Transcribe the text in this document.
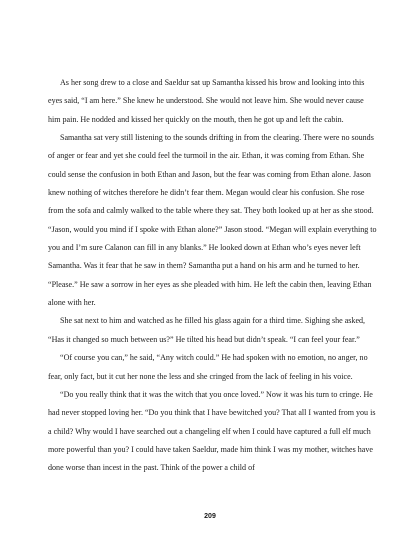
As her song drew to a close and Saeldur sat up Samantha kissed his brow and looking into this eyes said, “I am here.” She knew he understood. She would not leave him. She would never cause him pain. He nodded and kissed her quickly on the mouth, then he got up and left the cabin.

Samantha sat very still listening to the sounds drifting in from the clearing. There were no sounds of anger or fear and yet she could feel the turmoil in the air. Ethan, it was coming from Ethan. She could sense the confusion in both Ethan and Jason, but the fear was coming from Ethan alone. Jason knew nothing of witches therefore he didn’t fear them. Megan would clear his confusion. She rose from the sofa and calmly walked to the table where they sat. They both looked up at her as she stood. “Jason, would you mind if I spoke with Ethan alone?” Jason stood. “Megan will explain everything to you and I’m sure Calanon can fill in any blanks.” He looked down at Ethan who’s eyes never left Samantha. Was it fear that he saw in them? Samantha put a hand on his arm and he turned to her. “Please.” He saw a sorrow in her eyes as she pleaded with him. He left the cabin then, leaving Ethan alone with her.

She sat next to him and watched as he filled his glass again for a third time. Sighing she asked, “Has it changed so much between us?” He tilted his head but didn’t speak. “I can feel your fear.”

“Of course you can,” he said, “Any witch could.” He had spoken with no emotion, no anger, no fear, only fact, but it cut her none the less and she cringed from the lack of feeling in his voice.

“Do you really think that it was the witch that you once loved.” Now it was his turn to cringe. He had never stopped loving her. “Do you think that I have bewitched you? That all I wanted from you is a child? Why would I have searched out a changeling elf when I could have captured a full elf much more powerful than you? I could have taken Saeldur, made him think I was my mother, witches have done worse than incest in the past. Think of the power a child of

209
